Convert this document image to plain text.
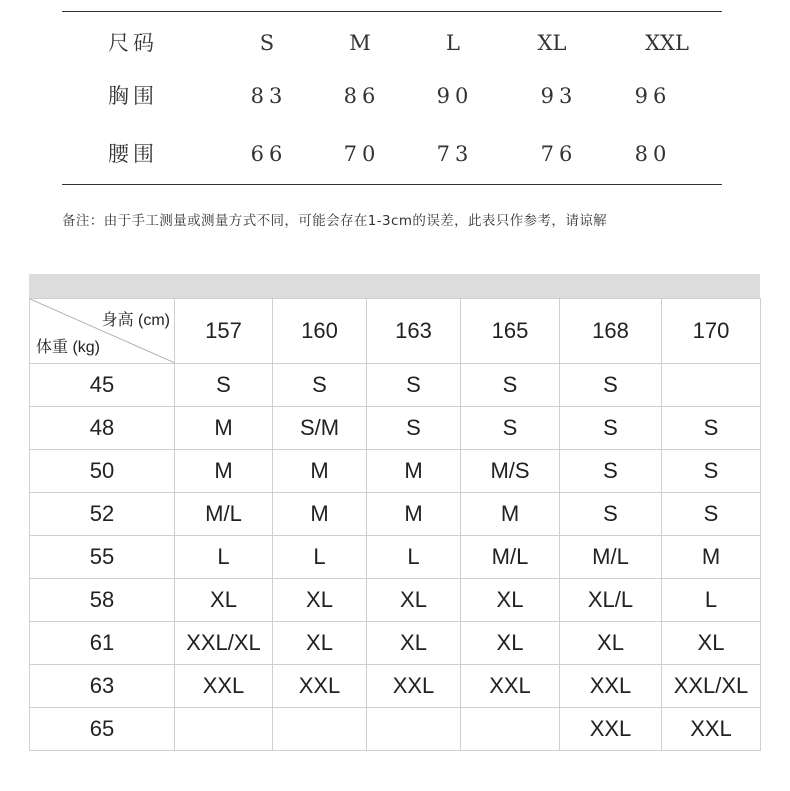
尺码	S	M	L	XL	XXL
胸围	83	86	90	93	96
腰围	66	70	73	76	80
备注：由于手工测量或测量方式不同，可能会存在1-3cm的误差，此表只作参考，请谅解
身高 (cm)
体重 (kg)	157	160	163	165	168	170
45	S	S	S	S	S	
48	M	S/M	S	S	S	S
50	M	M	M	M/S	S	S
52	M/L	M	M	M	S	S
55	L	L	L	M/L	M/L	M
58	XL	XL	XL	XL	XL/L	L
61	XXL/XL	XL	XL	XL	XL	XL
63	XXL	XXL	XXL	XXL	XXL	XXL/XL
65					XXL	XXL
